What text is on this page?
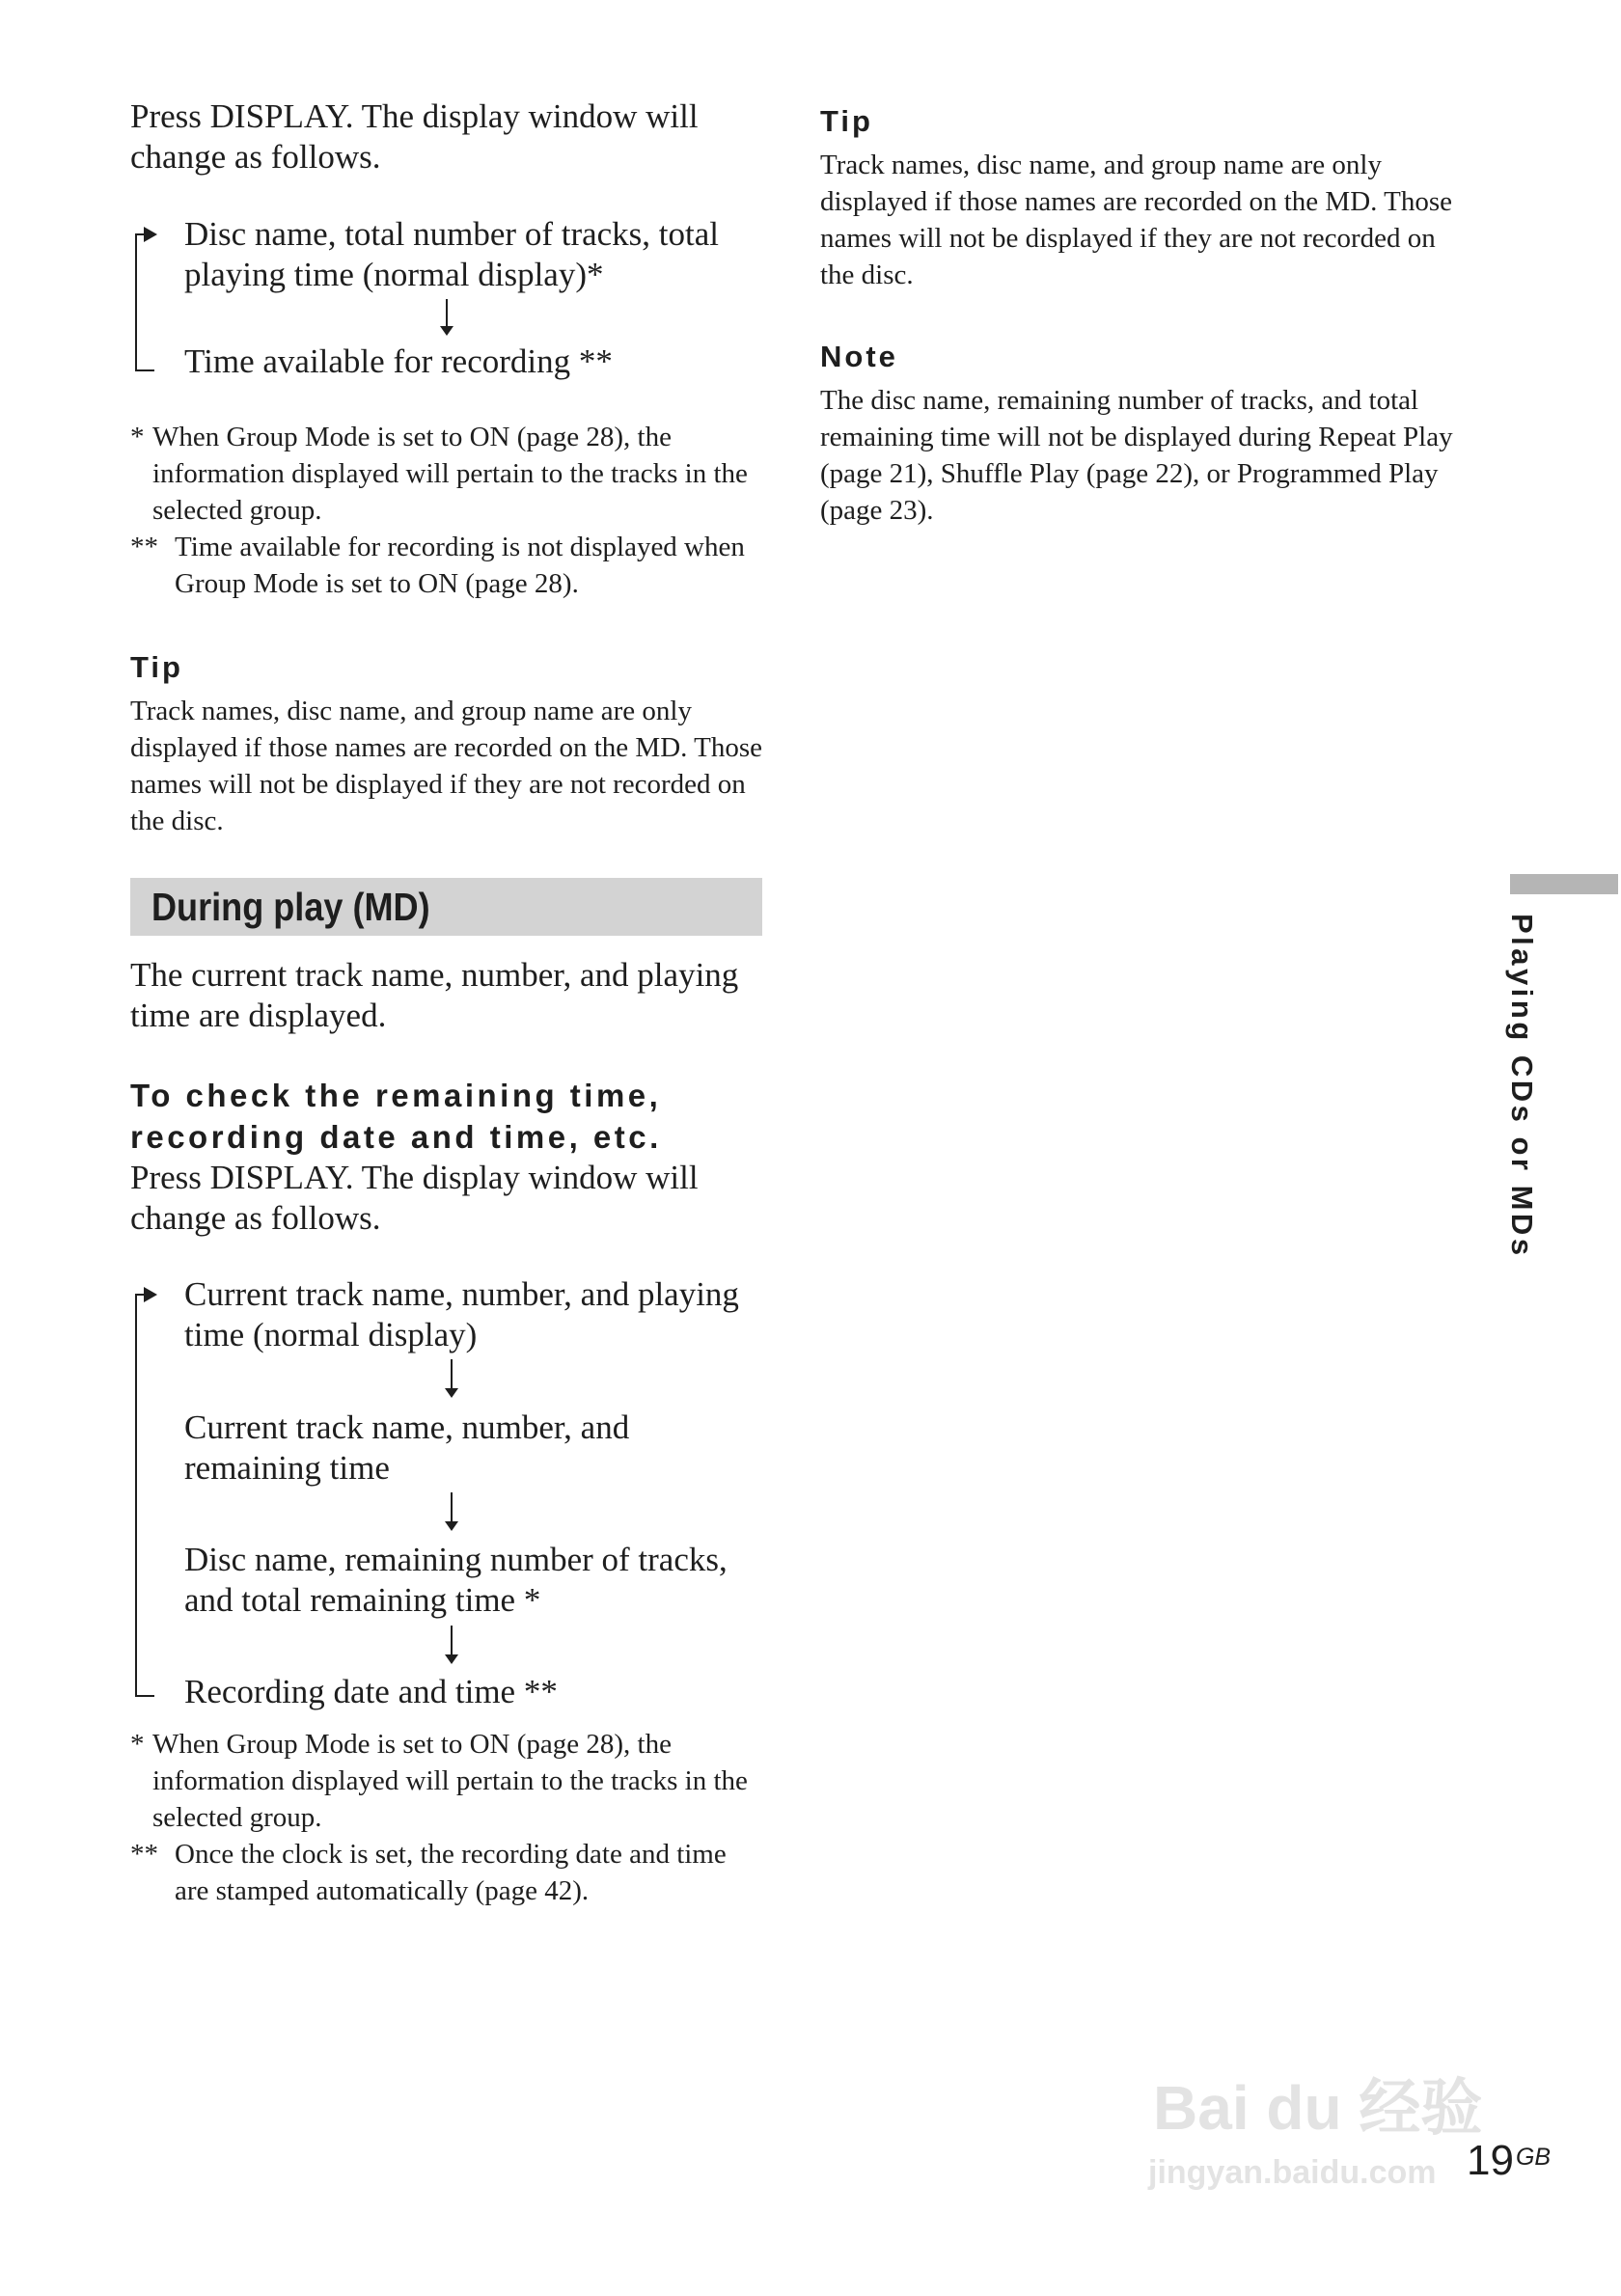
Press DISPLAY. The display window will change as follows.

Disc name, total number of tracks, total playing time (normal display)*
Time available for recording **

* When Group Mode is set to ON (page 28), the information displayed will pertain to the tracks in the selected group.

** Time available for recording is not displayed when Group Mode is set to ON (page 28).

Tip

Track names, disc name, and group name are only displayed if those names are recorded on the MD. Those names will not be displayed if they are not recorded on the disc.

During play (MD)

The current track name, number, and playing time are displayed.

To check the remaining time, recording date and time, etc.

Press DISPLAY. The display window will change as follows.

Current track name, number, and playing time (normal display)
Current track name, number, and remaining time
Disc name, remaining number of tracks, and total remaining time *
Recording date and time **

* When Group Mode is set to ON (page 28), the information displayed will pertain to the tracks in the selected group.

** Once the clock is set, the recording date and time are stamped automatically (page 42).

Tip

Track names, disc name, and group name are only displayed if those names are recorded on the MD. Those names will not be displayed if they are not recorded on the disc.

Note

The disc name, remaining number of tracks, and total remaining time will not be displayed during Repeat Play (page 21), Shuffle Play (page 22), or Programmed Play (page 23).

Playing CDs or MDs
Bai du 经验
jingyan.baidu.com $19^{GB}$
